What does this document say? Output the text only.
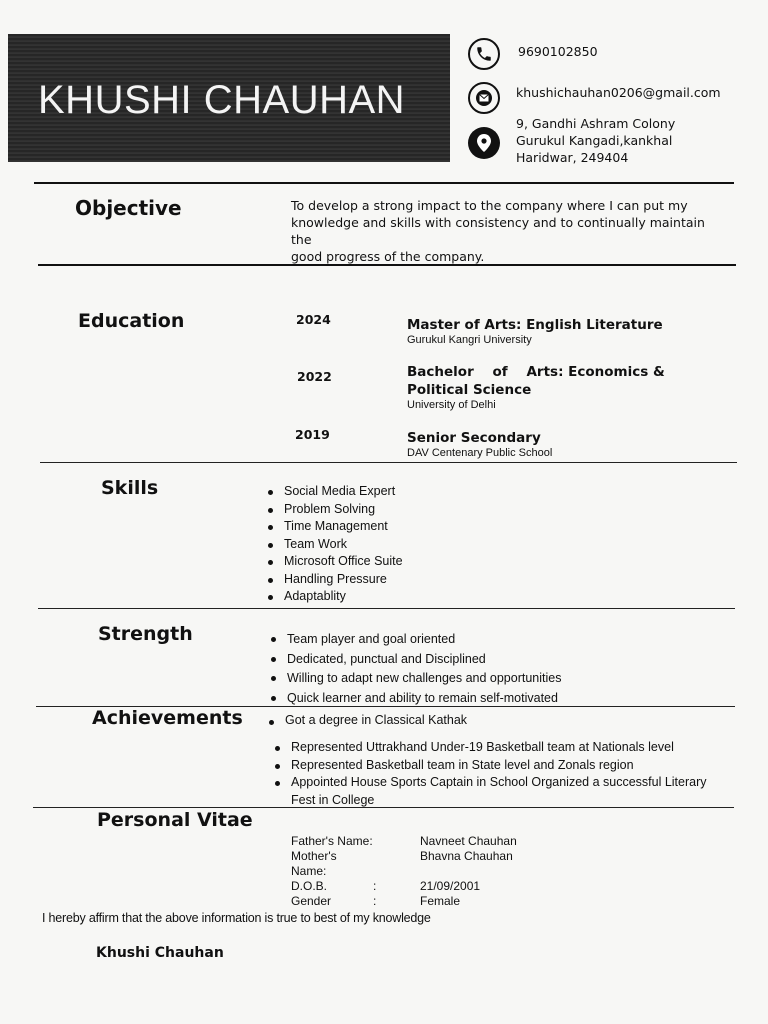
KHUSHI CHAUHAN
9690102850
khushichauhan0206@gmail.com
9, Gandhi Ashram Colony
Gurukul Kangadi,kankhal
Haridwar, 249404
Objective	To develop a strong impact to the company where I can put my
knowledge and skills with consistency and to continually maintain the
good progress of the company.
Education	2024	Master of Arts: English Literature
Gurukul Kangri University
2022	Bachelor    of    Arts: Economics &
Political Science
University of Delhi
2019	Senior Secondary
DAV Centenary Public School
Skills	Social Media Expert
Problem Solving
Time Management
Team Work
Microsoft Office Suite
Handling Pressure
Adaptablity
Strength	Team player and goal oriented
Dedicated, punctual and Disciplined
Willing to adapt new challenges and opportunities
Quick learner and ability to remain self-motivated
Achievements	Got a degree in Classical Kathak
Represented Uttrakhand Under-19 Basketball team at Nationals level
Represented Basketball team in State level and Zonals region
Appointed House Sports Captain in School Organized a successful Literary
Fest in College
Personal Vitae
Father's Name:	Navneet Chauhan
Mother's Name:
Bhavna Chauhan
D.O.B.	:	21/09/2001
Gender	:	Female
I hereby affirm that the above information is true to best of my knowledge
Khushi Chauhan
